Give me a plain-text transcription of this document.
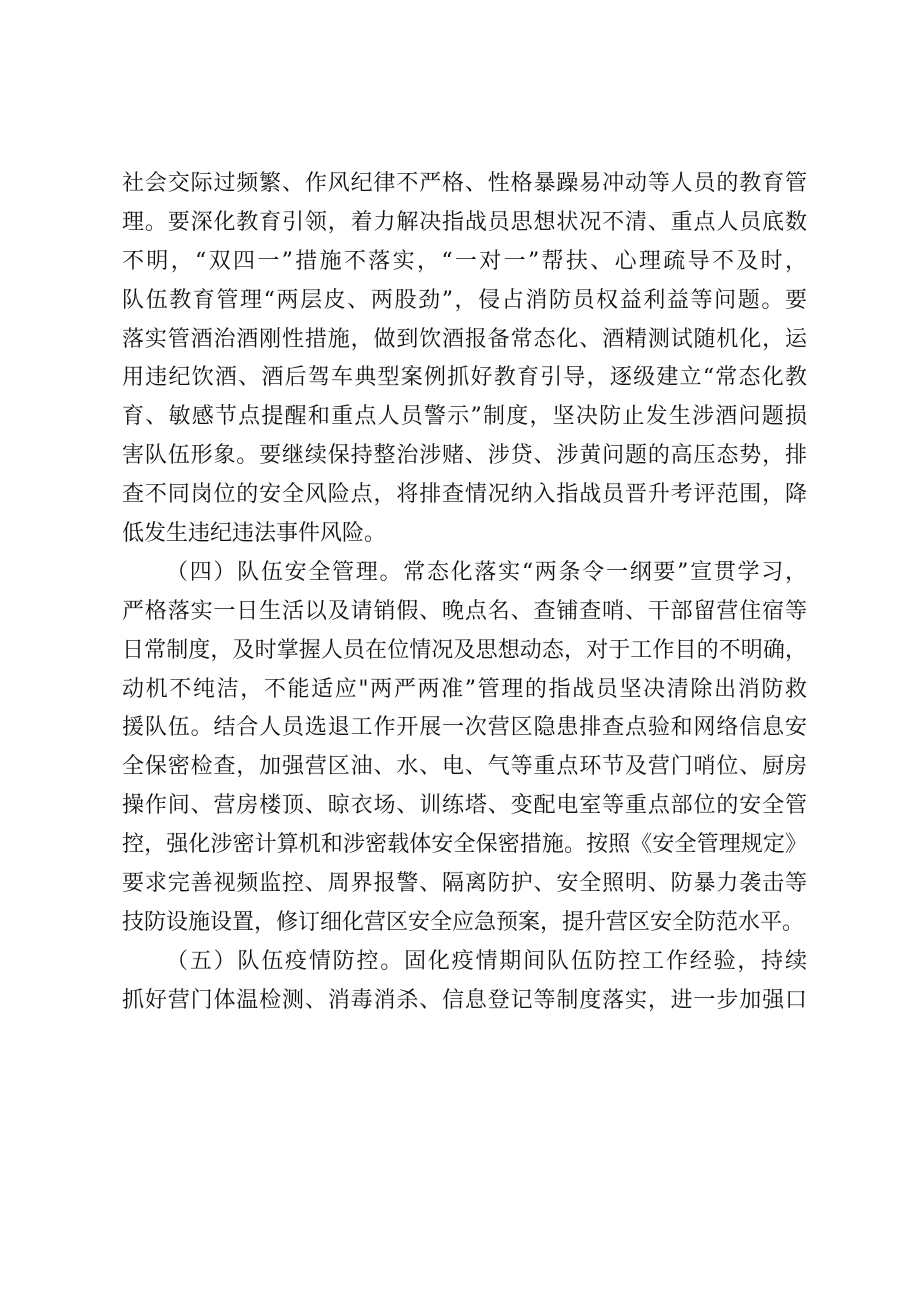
社会交际过频繁、作风纪律不严格、性格暴躁易冲动等人员的教育管
理。要深化教育引领，着力解决指战员思想状况不清、重点人员底数
不明，“双四一”措施不落实，“一对一”帮扶、心理疏导不及时，
队伍教育管理“两层皮、两股劲”，侵占消防员权益利益等问题。要
落实管酒治酒刚性措施，做到饮酒报备常态化、酒精测试随机化，运
用违纪饮酒、酒后驾车典型案例抓好教育引导，逐级建立“常态化教
育、敏感节点提醒和重点人员警示”制度，坚决防止发生涉酒问题损
害队伍形象。要继续保持整治涉赌、涉贷、涉黄问题的高压态势，排
查不同岗位的安全风险点，将排查情况纳入指战员晋升考评范围，降
低发生违纪违法事件风险。
（四）队伍安全管理。常态化落实“两条令一纲要”宣贯学习，
严格落实一日生活以及请销假、晚点名、查铺查哨、干部留营住宿等
日常制度，及时掌握人员在位情况及思想动态，对于工作目的不明确，
动机不纯洁，不能适应"两严两准”管理的指战员坚决清除出消防救
援队伍。结合人员选退工作开展一次营区隐患排查点验和网络信息安
全保密检查，加强营区油、水、电、气等重点环节及营门哨位、厨房
操作间、营房楼顶、晾衣场、训练塔、变配电室等重点部位的安全管
控，强化涉密计算机和涉密载体安全保密措施。按照《安全管理规定》
要求完善视频监控、周界报警、隔离防护、安全照明、防暴力袭击等
技防设施设置，修订细化营区安全应急预案，提升营区安全防范水平。
（五）队伍疫情防控。固化疫情期间队伍防控工作经验，持续
抓好营门体温检测、消毒消杀、信息登记等制度落实，进一步加强口
